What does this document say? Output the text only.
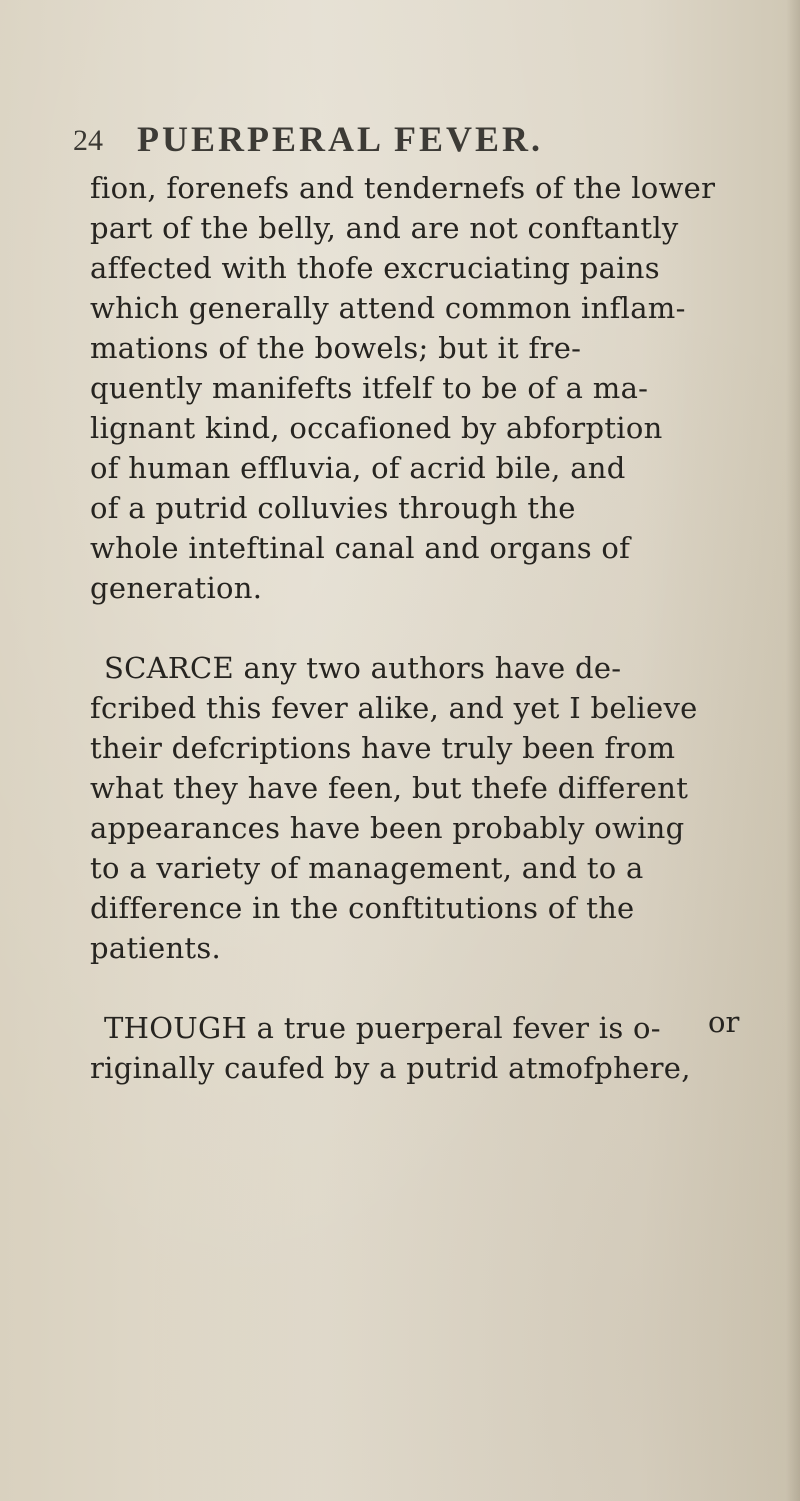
24 PUERPERAL FEVER.
fion, forenefs and tendernefs of the lower
part of the belly, and are not conftantly
affected with thofe excruciating pains
which generally attend common inflam-
mations of the bowels; but it fre-
quently manifefts itfelf to be of a ma-
lignant kind, occafioned by abforption
of human effluvia, of acrid bile, and
of a putrid colluvies through the
whole inteftinal canal and organs of
generation.
SCARCE any two authors have de-
fcribed this fever alike, and yet I believe
their defcriptions have truly been from
what they have feen, but thefe different
appearances have been probably owing
to a variety of management, and to a
difference in the conftitutions of the
patients.
THOUGH a true puerperal fever is o-
riginally caufed by a putrid atmofphere,
or
